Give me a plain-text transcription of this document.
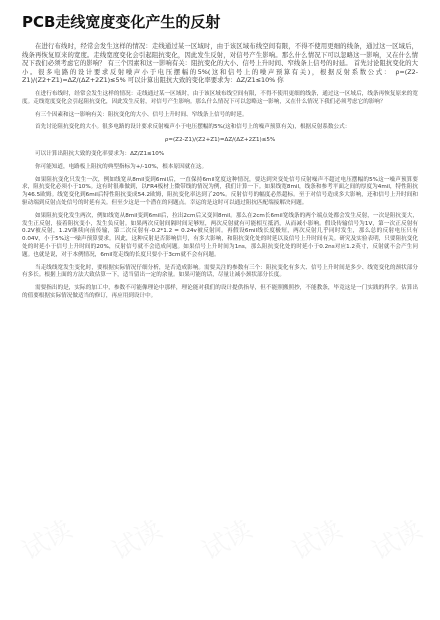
PCB走线宽度变化产生的反射

在进行布线时，经常会发生这样的情况：走线通过某一区域时，由于该区域布线空间有限，不得不使用更细的线条，通过这一区域后，线条再恢复原来的宽度。走线宽度变化会引起阻抗变化，因此发生反射，对信号产生影响。那么什么情况下可以忽略这一影响，又在什么情况下我们必须考虑它的影响？ 有三个因素和这一影响有关：阻抗变化的大小、信号上升时间、窄线条上信号的时延。 首先讨论阻抗变化的大小。很多电路的设计要求反射噪声小于电压摆幅的5%(这和信号上的噪声预算有关)，根据反射系数公式： ρ=(Z2-Z1)/(Z2+Z1)=ΔZ/(ΔZ+2Z1)≤5% 可以计算出阻抗大致的变化率要求为：ΔZ/Z1≤10% 你

在进行布线时，经常会发生这样的情况：走线通过某一区域时，由于该区域布线空间有限，不得不使用更细的线条，通过这一区域后，线条再恢复原来的宽度。走线宽度变化会引起阻抗变化，因此发生反射，对信号产生影响。那么什么情况下可以忽略这一影响，又在什么情况下我们必须考虑它的影响？

有三个因素和这一影响有关：阻抗变化的大小、信号上升时间、窄线条上信号的时延。

首先讨论阻抗变化的大小。很多电路的设计要求反射噪声小于电压摆幅的5%(这和信号上的噪声预算有关)，根据反射系数公式：

ρ=(Z2-Z1)/(Z2+Z1)=ΔZ/(ΔZ+2Z1)≤5%

可以计算出阻抗大致的变化率要求为：ΔZ/Z1≤10%

你可能知道，电路板上阻抗的典型指标为+/-10%，根本原因就在这。

如果阻抗变化只发生一次，例如线宽从8mil变到6mil后，一直保持6mil宽度这种情况，要达到突变处信号反射噪声不超过电压摆幅的5%这一噪声预算要求，阻抗变化必须小于10%。这有时很难做到，以FR4板材上微带线的情况为例，我们计算一下。如果线宽8mil，线条和参考平面之间的厚度为4mil，特性阻抗为46.5欧姆。线宽变化到6mil后特性阻抗变成54.2欧姆，阻抗变化率达到了20%。反射信号的幅度必然超标。至于对信号造成多大影响，还和信号上升时间和驱动端到反射点处信号的时延有关。但至少这是一个潜在的问题点。幸运的是这时可以通过阻抗匹配端接解决问题。

如果阻抗变化发生两次，例如线宽从8mil变到6mil后，拉出2cm后又变回8mil。那么在2cm长6mil宽线条的两个端点处都会发生反射，一次是阻抗变大，发生正反射，接着阻抗变小，发生负反射。如果两次反射间隔时间足够短，两次反射就有可能相互抵消，从而减小影响。假设传输信号为1V，第一次正反射有0.2V被反射，1.2V继续向前传输，第二次反射有-0.2*1.2 = 0.24v被反射回。再假设6mil线长度极短，两次反射几乎同时发生，那么总的反射电压只有0.04V，小于5%这一噪声预算要求。因此，这种反射是否影响信号，有多大影响，和阻抗变化处的时延以及信号上升时间有关。研究及实验表明，只要阻抗变化处的时延小于信号上升时间的20%，反射信号就不会造成问题。如果信号上升时间为1ns，那么阻抗变化处的时延小于0.2ns对应1.2英寸，反射就不会产生问题。也就是说，对于本例情况，6mil宽走线的长度只要小于3cm就不会有问题。

当走线线宽发生变化时，要根据实际情况仔细分析，是否造成影响。需要关注的参数有三个：阻抗变化有多大、信号上升时间是多少、线宽变化的颈状部分有多长。根据上面的方法大致估算一下，适当留出一定的余量。如果可能的话，尽量让减小颈状部分长度。

需要指出的是，实际的加工中，参数不可能像理论中那样，理论能对我们的设计提供指导，但不能照搬照抄，不能教条，毕竟这是一门实践的科学。估算出的值要根据实际情况做适当的修订，再应用到设计中。
